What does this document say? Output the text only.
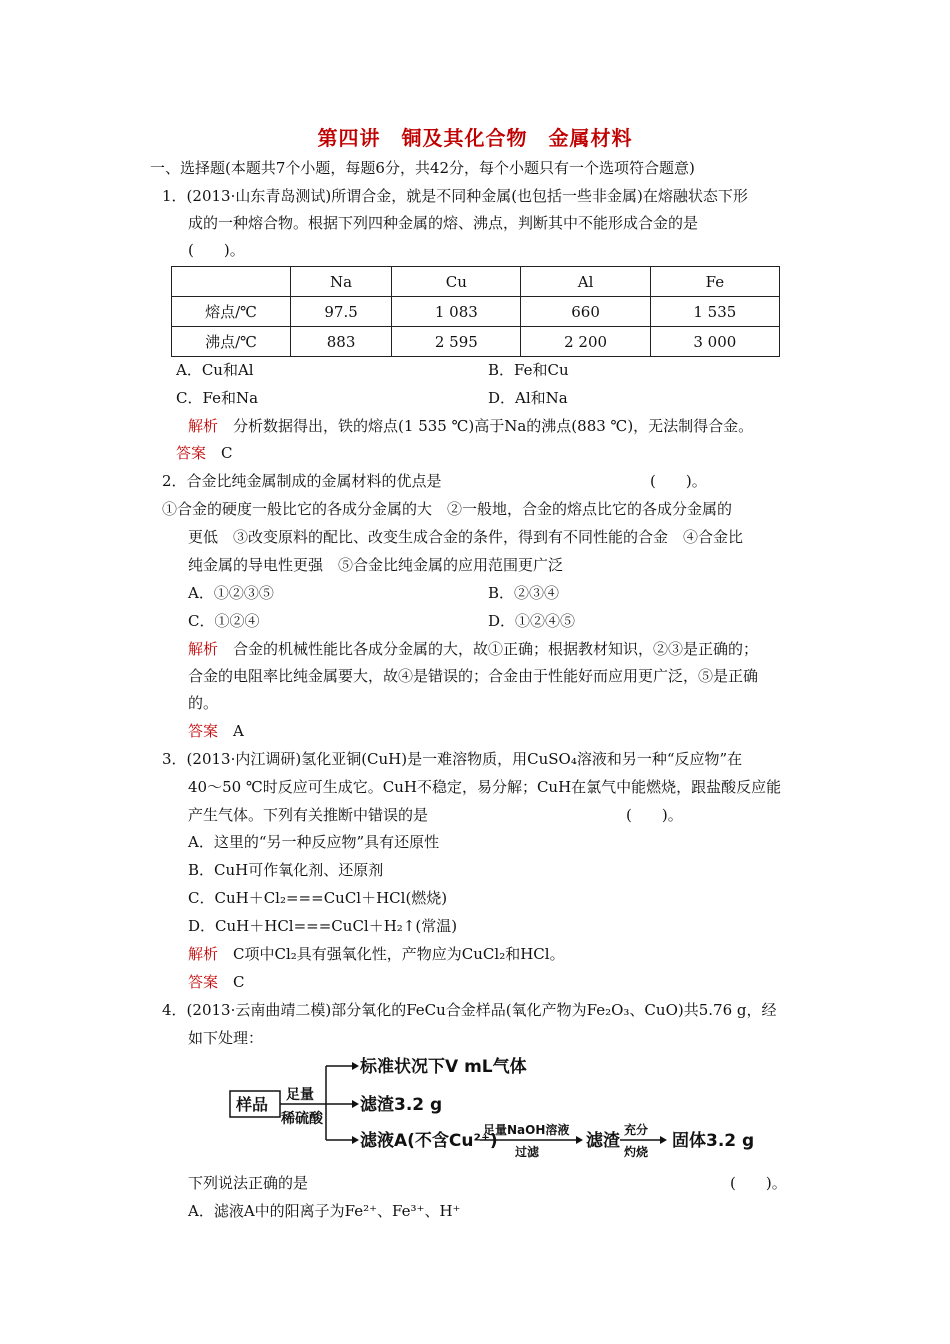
第四讲　铜及其化合物　金属材料
一、选择题(本题共7个小题，每题6分，共42分，每个小题只有一个选项符合题意)
1．(2013·山东青岛测试)所谓合金，就是不同种金属(也包括一些非金属)在熔融状态下形
成的一种熔合物。根据下列四种金属的熔、沸点，判断其中不能形成合金的是
(　　)。
	Na	Cu	Al	Fe
熔点/℃	97.5	1 083	660	1 535
沸点/℃	883	2 595	2 200	3 000
A．Cu和Al	B．Fe和Cu
C．Fe和Na	D．Al和Na
解析　 分析数据得出，铁的熔点(1 535 ℃)高于Na的沸点(883 ℃)，无法制得合金。
答案　 C
2．合金比纯金属制成的金属材料的优点是	(　　)。
①合金的硬度一般比它的各成分金属的大　②一般地，合金的熔点比它的各成分金属的
更低　③改变原料的配比、改变生成合金的条件，得到有不同性能的合金　④合金比
纯金属的导电性更强　⑤合金比纯金属的应用范围更广泛
A．①②③⑤	B．②③④
C．①②④	D．①②④⑤
解析　 合金的机械性能比各成分金属的大，故①正确；根据教材知识，②③是正确的；
合金的电阻率比纯金属要大，故④是错误的；合金由于性能好而应用更广泛，⑤是正确
的。
答案　 A
3．(2013·内江调研)氢化亚铜(CuH)是一难溶物质，用CuSO₄溶液和另一种“反应物”在
40～50 ℃时反应可生成它。CuH不稳定，易分解；CuH在氯气中能燃烧，跟盐酸反应能
产生气体。下列有关推断中错误的是	(　　)。
A．这里的“另一种反应物”具有还原性
B．CuH可作氧化剂、还原剂
C．CuH＋Cl₂===CuCl＋HCl(燃烧)
D．CuH＋HCl===CuCl＋H₂↑(常温)
解析　 C项中Cl₂具有强氧化性，产物应为CuCl₂和HCl。
答案　 C
4．(2013·云南曲靖二模)部分氧化的FeCu合金样品(氧化产物为Fe₂O₃、CuO)共5.76 g，经
如下处理：
样品 足量
稀硫酸
标准状况下V mL气体
滤渣3.2 g
滤液A(不含Cu²⁺)
足量NaOH溶液
过滤
滤渣
充分
灼烧
固体3.2 g
下列说法正确的是	(　　)。
A．滤液A中的阳离子为Fe²⁺、Fe³⁺、H⁺
